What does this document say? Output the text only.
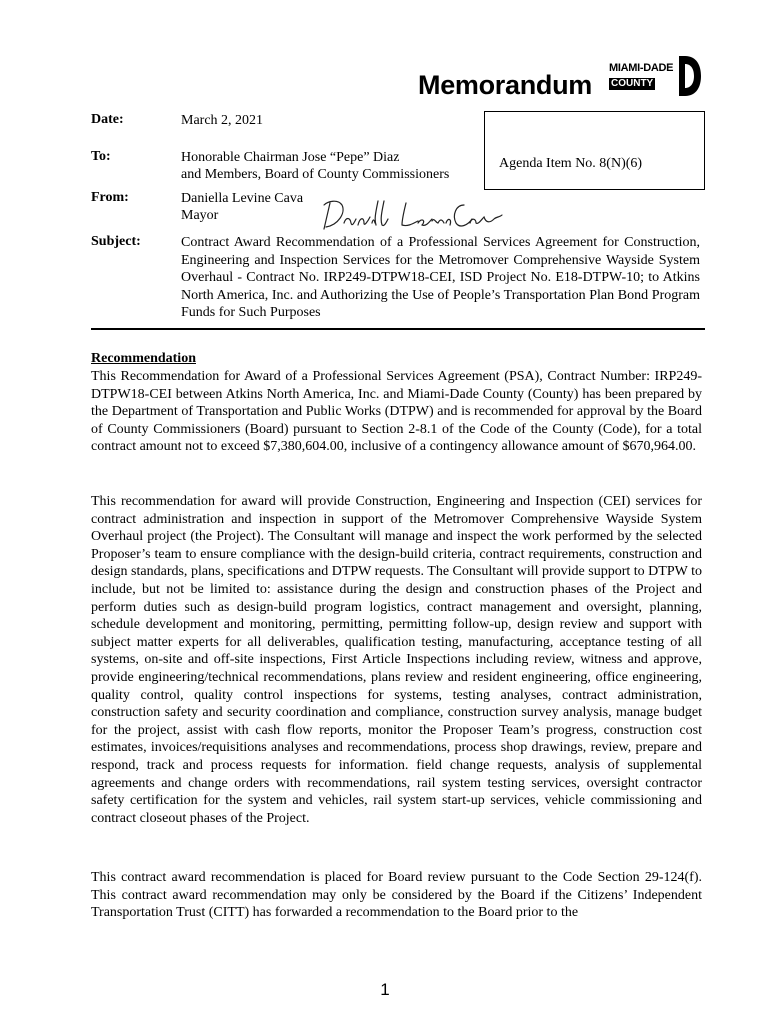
Memorandum
MIAMI-DADE
COUNTY
Date:	March 2, 2021
To:	Honorable Chairman Jose “Pepe” Diaz
and Members, Board of County Commissioners
Agenda Item No. 8(N)(6)
From:	Daniella Levine Cava
Mayor
Subject:	Contract Award Recommendation of a Professional Services Agreement for Construction, Engineering and Inspection Services for the Metromover Comprehensive Wayside System Overhaul - Contract No. IRP249-DTPW18-CEI, ISD Project No. E18-DTPW-10; to Atkins North America, Inc. and Authorizing the Use of People’s Transportation Plan Bond Program Funds for Such Purposes
Recommendation
This Recommendation for Award of a Professional Services Agreement (PSA), Contract Number: IRP249-DTPW18-CEI between Atkins North America, Inc. and Miami-Dade County (County) has been prepared by the Department of Transportation and Public Works (DTPW) and is recommended for approval by the Board of County Commissioners (Board) pursuant to Section 2-8.1 of the Code of the County (Code), for a total contract amount not to exceed $7,380,604.00, inclusive of a contingency allowance amount of $670,964.00.
This recommendation for award will provide Construction, Engineering and Inspection (CEI) services for contract administration and inspection in support of the Metromover Comprehensive Wayside System Overhaul project (the Project). The Consultant will manage and inspect the work performed by the selected Proposer’s team to ensure compliance with the design-build criteria, contract requirements, construction and design standards, plans, specifications and DTPW requests. The Consultant will provide support to DTPW to include, but not be limited to: assistance during the design and construction phases of the Project and perform duties such as design-build program logistics, contract management and oversight, planning, schedule development and monitoring, permitting, permitting follow-up, design review and support with subject matter experts for all deliverables, qualification testing, manufacturing, acceptance testing of all systems, on-site and off-site inspections, First Article Inspections including review, witness and approve, provide engineering/technical recommendations, plans review and resident engineering, office engineering, quality control, quality control inspections for systems, testing analyses, contract administration, construction safety and security coordination and compliance, construction survey analysis, manage budget for the project, assist with cash flow reports, monitor the Proposer Team’s progress, construction cost estimates, invoices/requisitions analyses and recommendations, process shop drawings, review, prepare and respond, track and process requests for information. field change requests, analysis of supplemental agreements and change orders with recommendations, rail system testing services, oversight contractor safety certification for the system and vehicles, rail system start-up services, vehicle commissioning and contract closeout phases of the Project.
This contract award recommendation is placed for Board review pursuant to the Code Section 29-124(f). This contract award recommendation may only be considered by the Board if the Citizens’ Independent Transportation Trust (CITT) has forwarded a recommendation to the Board prior to the
1
